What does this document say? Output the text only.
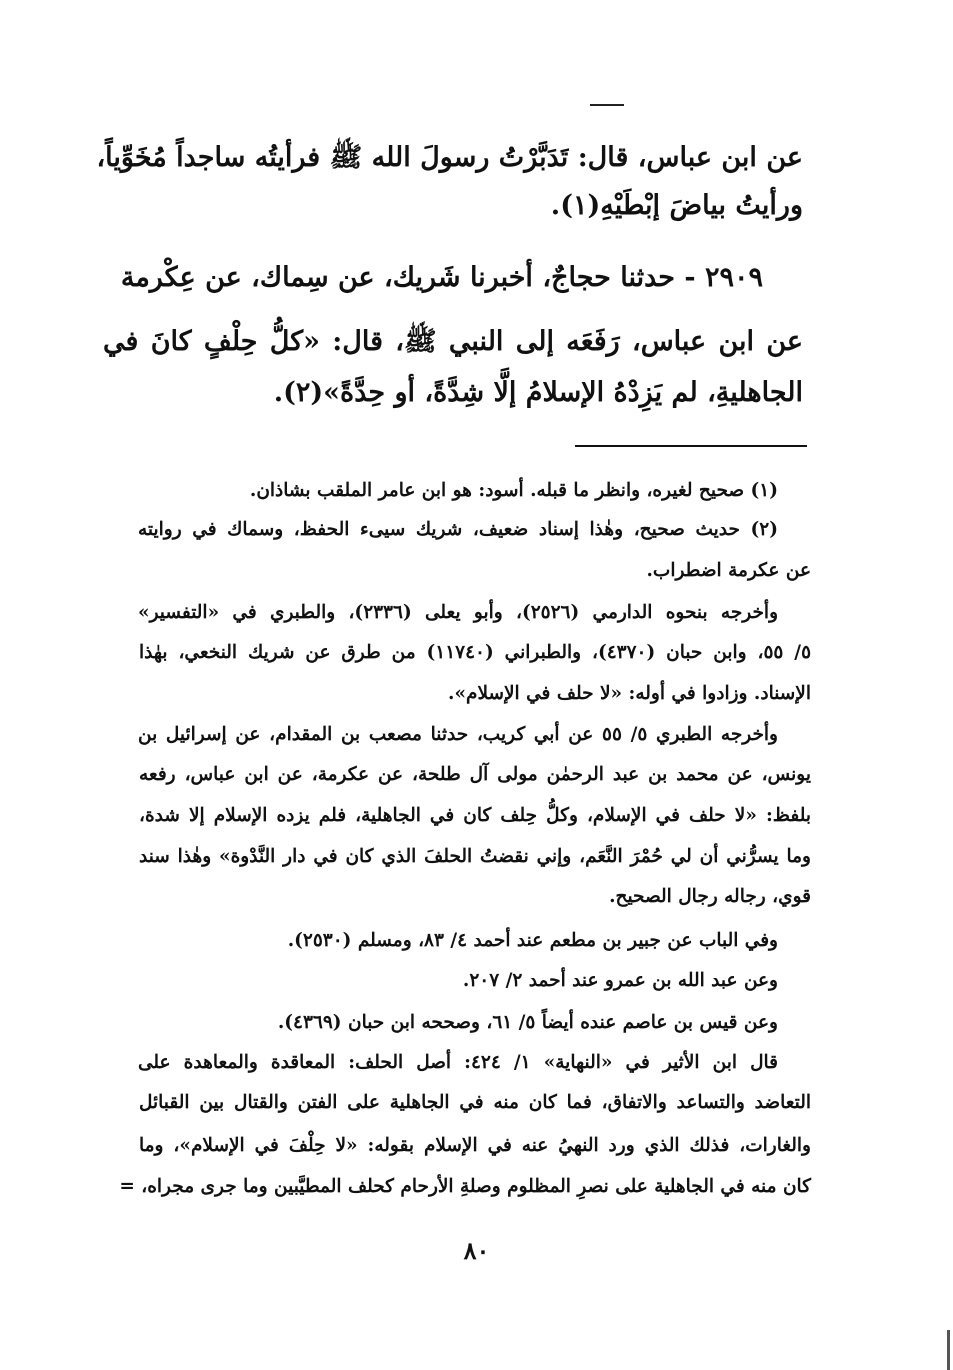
عن ابن عباس، قال: تَدَبَّرْتُ رسولَ الله ﷺ فرأيتُه ساجداً مُخَوِّياً،
ورأيتُ بياضَ إبْطَيْهِ(١).
٢٩٠٩ - حدثنا حجاجٌ، أخبرنا شَريك، عن سِماك، عن عِكْرمة
عن ابن عباس، رَفَعَه إلى النبي ﷺ، قال: «كلُّ حِلْفٍ كانَ في
الجاهليةِ، لم يَزِدْهُ الإسلامُ إلَّا شِدَّةً، أو حِدَّةً»(٢).
(١) صحيح لغيره، وانظر ما قبله. أسود: هو ابن عامر الملقب بشاذان.
(٢) حديث صحيح، وهٰذا إسناد ضعيف، شريك سيىء الحفظ، وسماك في روايته
عن عكرمة اضطراب.
وأخرجه بنحوه الدارمي (٢٥٢٦)، وأبو يعلى (٢٣٣٦)، والطبري في «التفسير»
٥/ ٥٥، وابن حبان (٤٣٧٠)، والطبراني (١١٧٤٠) من طرق عن شريك النخعي، بهٰذا
الإسناد. وزادوا في أوله: «لا حلف في الإسلام».
وأخرجه الطبري ٥/ ٥٥ عن أبي كريب، حدثنا مصعب بن المقدام، عن إسرائيل بن
يونس، عن محمد بن عبد الرحمٰن مولى آل طلحة، عن عكرمة، عن ابن عباس، رفعه
بلفظ: «لا حلف في الإسلام، وكلُّ حِلف كان في الجاهلية، فلم يزده الإسلام إلا شدة،
وما يسرُّني أن لي حُمْرَ النَّعَم، وإني نقضتُ الحلفَ الذي كان في دار النَّدْوة» وهٰذا سند
قوي، رجاله رجال الصحيح.
وفي الباب عن جبير بن مطعم عند أحمد ٤/ ٨٣، ومسلم (٢٥٣٠).
وعن عبد الله بن عمرو عند أحمد ٢/ ٢٠٧.
وعن قيس بن عاصم عنده أيضاً ٥/ ٦١، وصححه ابن حبان (٤٣٦٩).
قال ابن الأثير في «النهاية» ١/ ٤٢٤: أصل الحلف: المعاقدة والمعاهدة على
التعاضد والتساعد والاتفاق، فما كان منه في الجاهلية على الفتن والقتال بين القبائل
والغارات، فذلك الذي ورد النهيُ عنه في الإسلام بقوله: «لا حِلْفَ في الإسلام»، وما
كان منه في الجاهلية على نصرِ المظلوم وصلةِ الأرحام كحلف المطيَّبين وما جرى مجراه، =
٨٠
